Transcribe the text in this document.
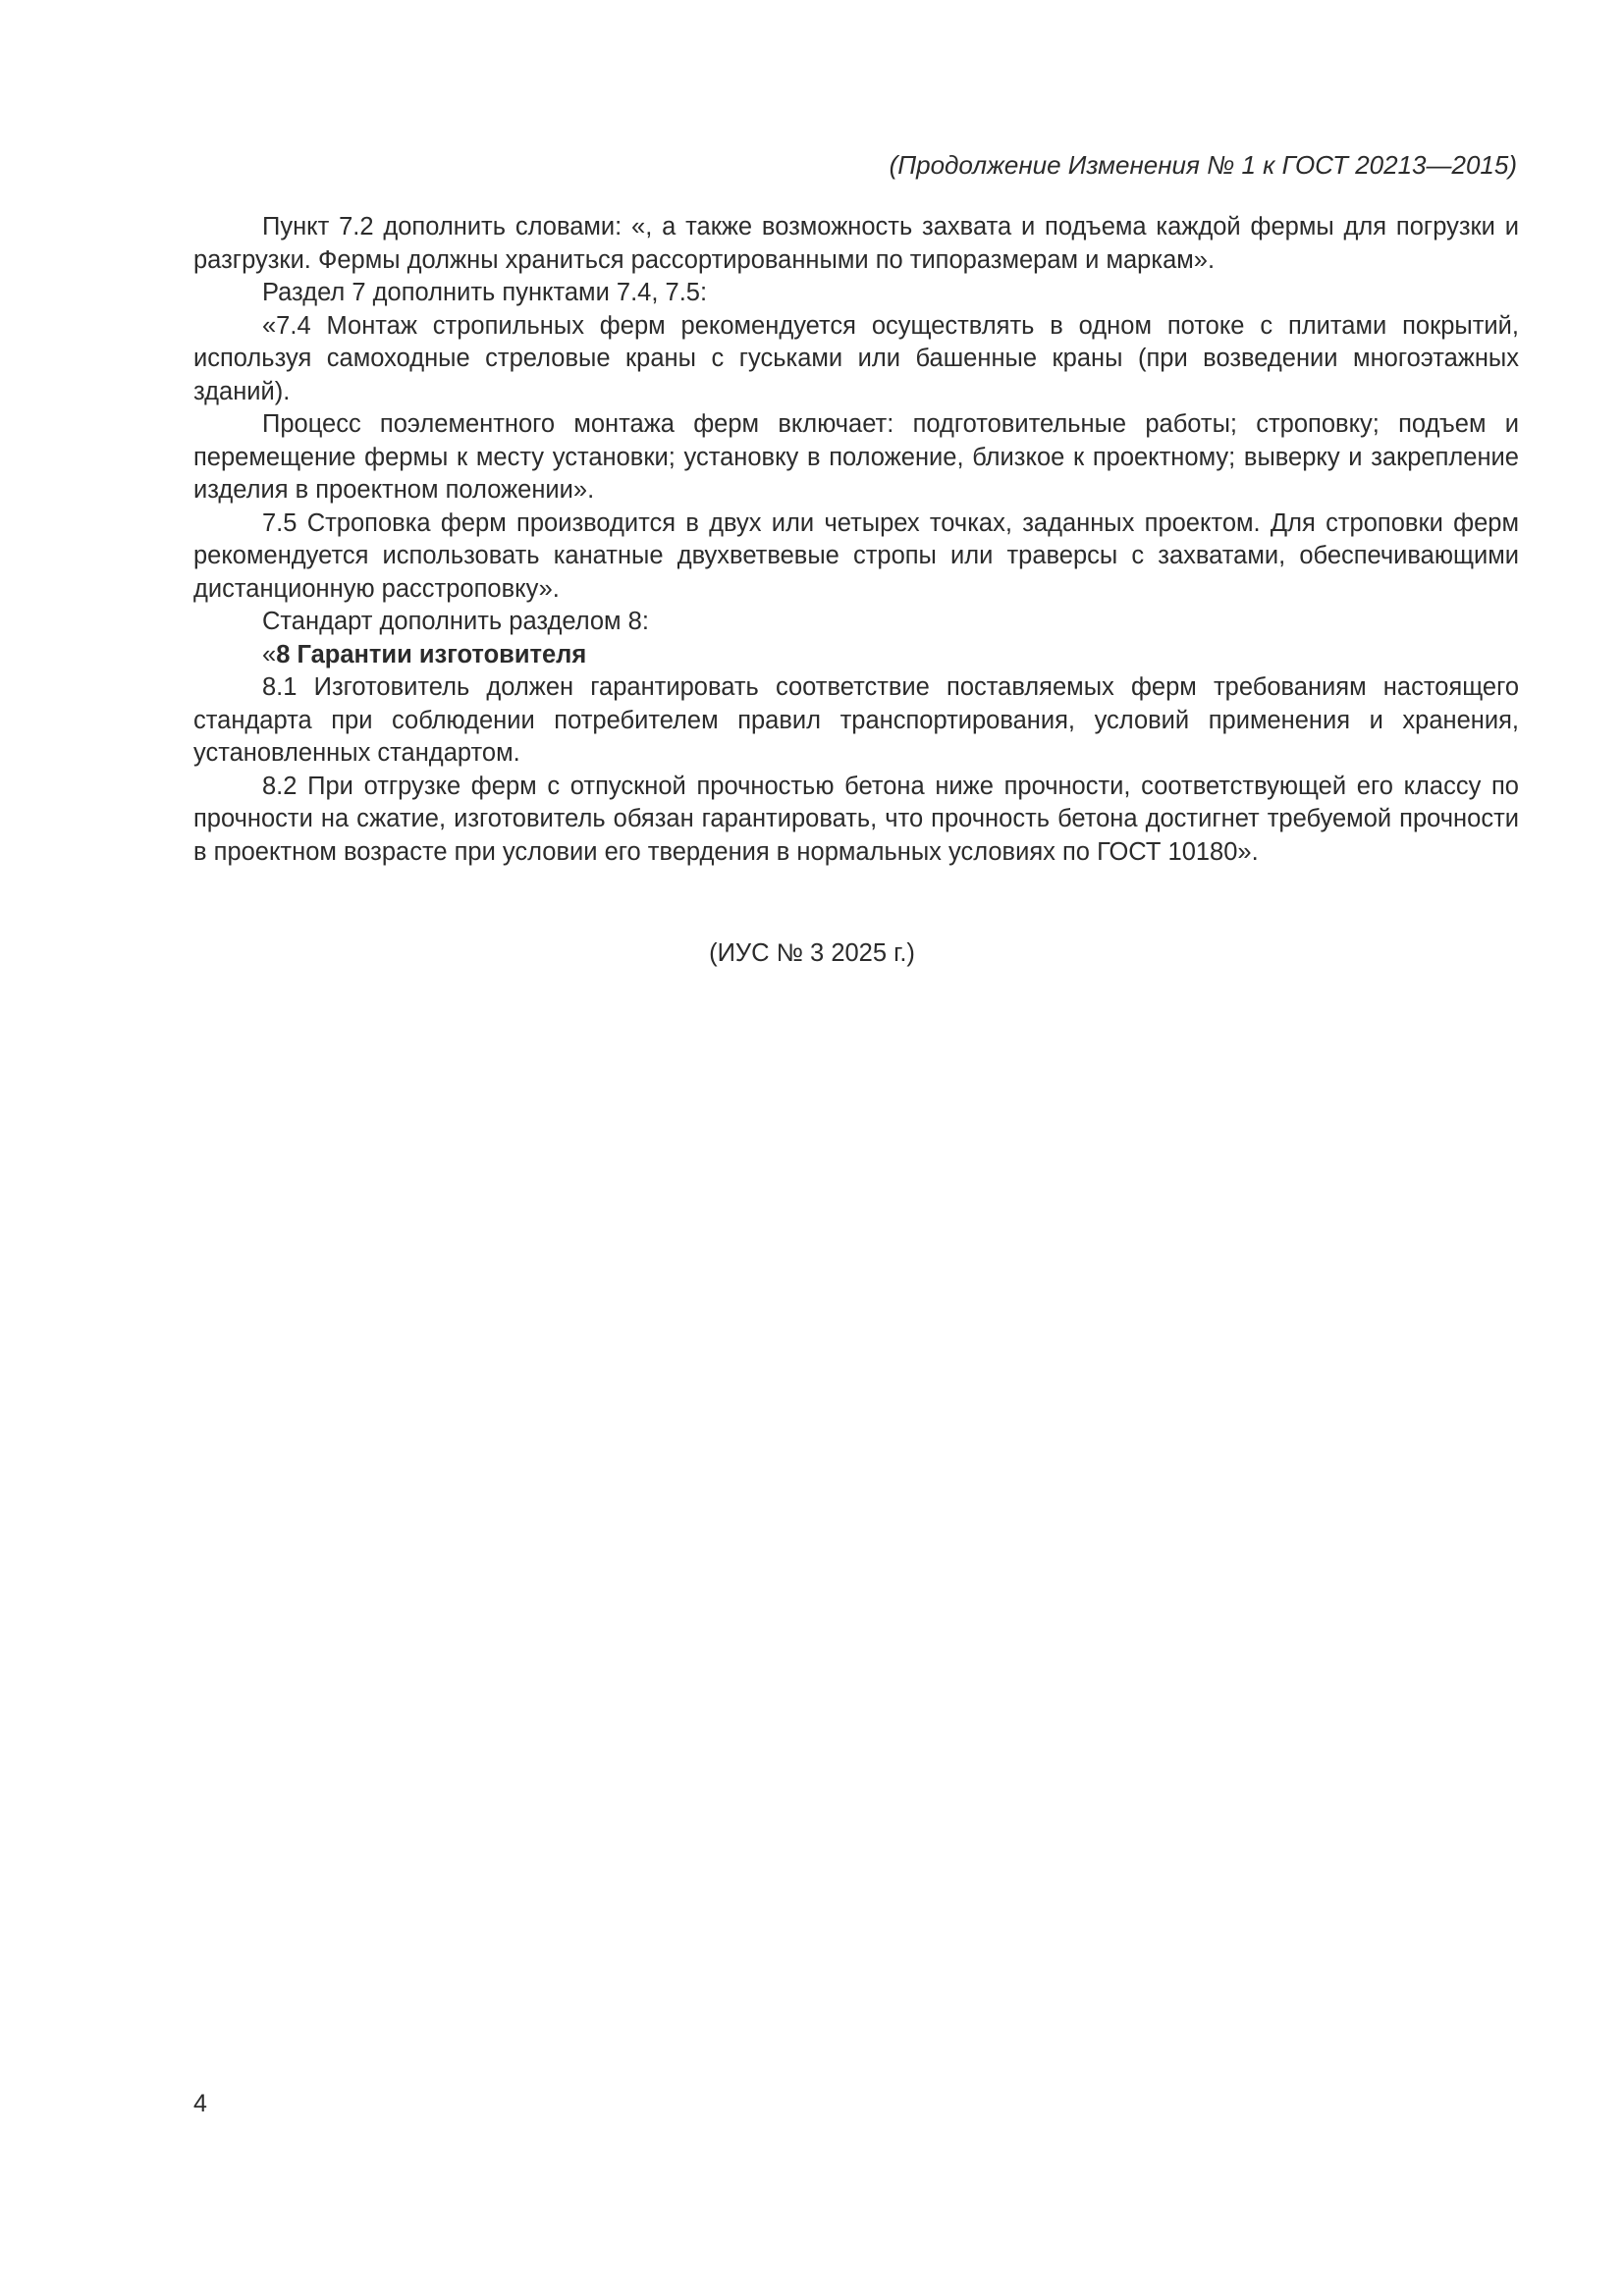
(Продолжение Изменения № 1 к ГОСТ 20213—2015)

Пункт 7.2 дополнить словами: «, а также возможность захвата и подъема каждой фермы для погрузки и разгрузки. Фермы должны храниться рассортированными по типоразмерам и маркам».

Раздел 7 дополнить пунктами 7.4, 7.5:

«7.4 Монтаж стропильных ферм рекомендуется осуществлять в одном потоке с плитами покрытий, используя самоходные стреловые краны с гуськами или башенные краны (при возведении многоэтажных зданий).

Процесс поэлементного монтажа ферм включает: подготовительные работы; строповку; подъем и перемещение фермы к месту установки; установку в положение, близкое к проектному; выверку и закрепление изделия в проектном положении».

7.5 Строповка ферм производится в двух или четырех точках, заданных проектом. Для строповки ферм рекомендуется использовать канатные двухветвевые стропы или траверсы с захватами, обеспечивающими дистанционную расстроповку».

Стандарт дополнить разделом 8:

«8 Гарантии изготовителя

8.1 Изготовитель должен гарантировать соответствие поставляемых ферм требованиям настоящего стандарта при соблюдении потребителем правил транспортирования, условий применения и хранения, установленных стандартом.

8.2 При отгрузке ферм с отпускной прочностью бетона ниже прочности, соответствующей его классу по прочности на сжатие, изготовитель обязан гарантировать, что прочность бетона достигнет требуемой прочности в проектном возрасте при условии его твердения в нормальных условиях по ГОСТ 10180».

(ИУС № 3 2025 г.)
4
